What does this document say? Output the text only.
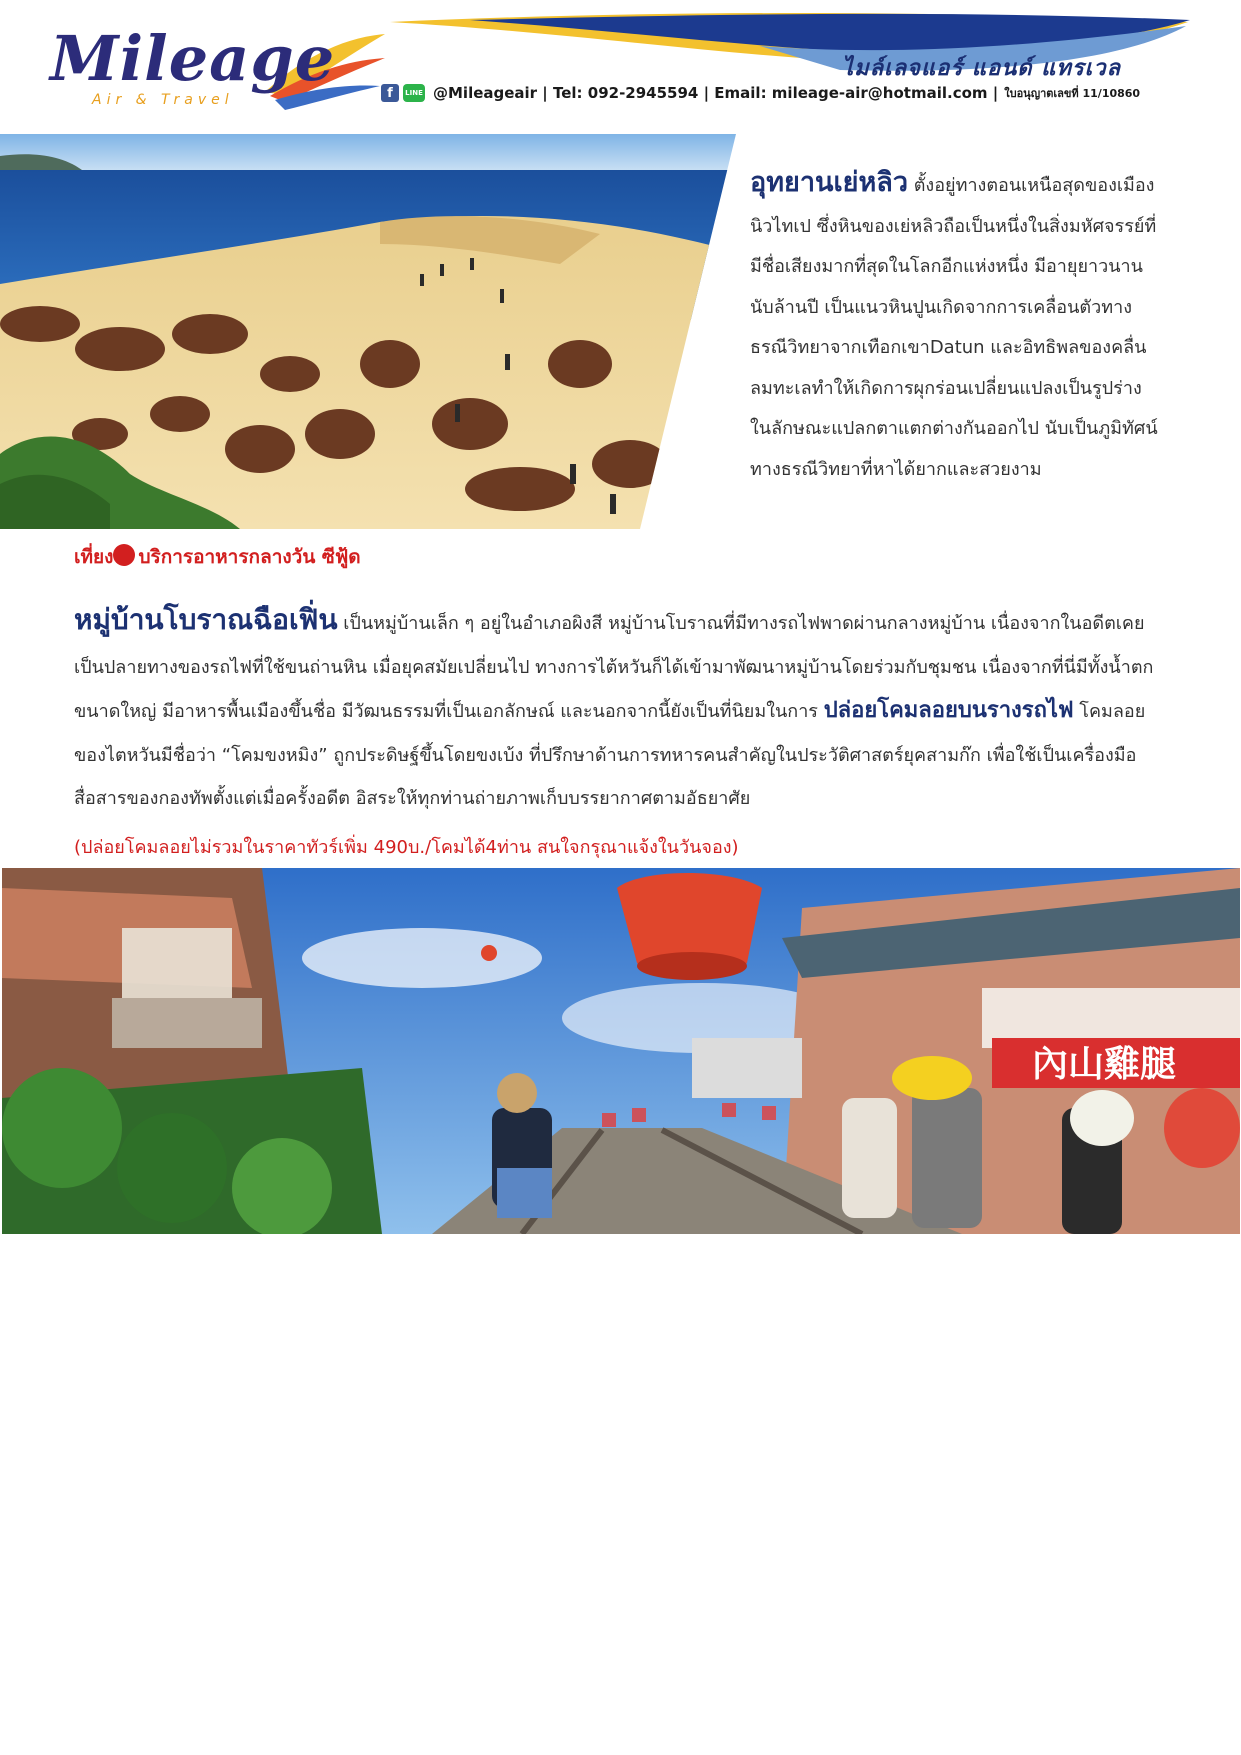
Mileage
Air & Travel
ไมล์เลจแอร์ แอนด์ แทรเวล
f	LINE @Mileageair | Tel: 092-2945594 | Email: mileage-air@hotmail.com | ใบอนุญาตเลขที่ 11/10860
อุทยานเย่หลิว ตั้งอยู่ทางตอนเหนือสุดของเมืองนิวไทเป ซึ่งหินของเย่หลิวถือเป็นหนึ่งในสิ่งมหัศจรรย์ที่มีชื่อเสียงมากที่สุดในโลกอีกแห่งหนึ่ง มีอายุยาวนานนับล้านปี เป็นแนวหินปูนเกิดจากการเคลื่อนตัวทางธรณีวิทยาจากเทือกเขาDatun และอิทธิพลของคลื่นลมทะเลทำให้เกิดการผุกร่อนเปลี่ยนแปลงเป็นรูปร่างในลักษณะแปลกตาแตกต่างกันออกไป นับเป็นภูมิทัศน์ทางธรณีวิทยาที่หาได้ยากและสวยงาม
เที่ยง บริการอาหารกลางวัน ซีฟู้ด
หมู่บ้านโบราณฉือเฟิ่น เป็นหมู่บ้านเล็ก ๆ อยู่ในอำเภอผิงสี หมู่บ้านโบราณที่มีทางรถไฟพาดผ่านกลางหมู่บ้าน เนื่องจากในอดีตเคยเป็นปลายทางของรถไฟที่ใช้ขนถ่านหิน เมื่อยุคสมัยเปลี่ยนไป ทางการไต้หวันก็ได้เข้ามาพัฒนาหมู่บ้านโดยร่วมกับชุมชน เนื่องจากที่นี่มีทั้งน้ำตกขนาดใหญ่ มีอาหารพื้นเมืองขึ้นชื่อ มีวัฒนธรรมที่เป็นเอกลักษณ์ และนอกจากนี้ยังเป็นที่นิยมในการ ปล่อยโคมลอยบนรางรถไฟ โคมลอยของไตหวันมีชื่อว่า “โคมขงหมิง” ถูกประดิษฐ์ขึ้นโดยขงเบ้ง ที่ปรึกษาด้านการทหารคนสำคัญในประวัติศาสตร์ยุคสามก๊ก เพื่อใช้เป็นเครื่องมือสื่อสารของกองทัพตั้งแต่เมื่อครั้งอดีต อิสระให้ทุกท่านถ่ายภาพเก็บบรรยากาศตามอัธยาศัย
(ปล่อยโคมลอยไม่รวมในราคาทัวร์เพิ่ม 490บ./โคมได้4ท่าน สนใจกรุณาแจ้งในวันจอง)
內山雞腿
